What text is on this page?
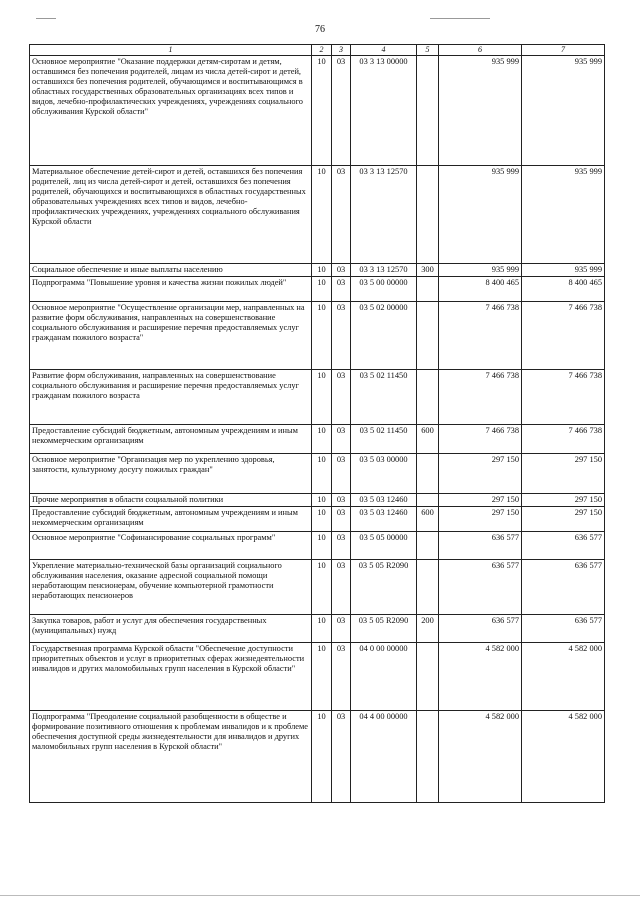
76
1	2	3	4	5	6	7
Основное мероприятие "Оказание поддержки детям-сиротам и детям, оставшимся без попечения родителей, лицам из числа детей-сирот и детей, оставшихся без попечения родителей, обучающимся и воспитывающимся в областных государственных образовательных организациях всех типов и видов, лечебно-профилактических учреждениях, учреждениях социального обслуживания Курской области"	10	03	03 3 13 00000		935 999	935 999
Материальное обеспечение детей-сирот и детей, оставшихся без попечения родителей, лиц из числа детей-сирот и детей, оставшихся без попечения родителей, обучающихся и воспитывающихся в областных государственных образовательных учреждениях всех типов и видов, лечебно-профилактических учреждениях, учреждениях социального обслуживания Курской области	10	03	03 3 13 12570		935 999	935 999
Социальное обеспечение и иные выплаты населению	10	03	03 3 13 12570	300	935 999	935 999
Подпрограмма "Повышение уровня и качества жизни пожилых людей"	10	03	03 5 00 00000		8 400 465	8 400 465
Основное мероприятие "Осуществление организации мер, направленных на развитие форм обслуживания, направленных на совершенствование социального обслуживания и расширение перечня предоставляемых услуг гражданам пожилого возраста"	10	03	03 5 02 00000		7 466 738	7 466 738
Развитие форм обслуживания, направленных на совершенствование социального обслуживания и расширение перечня предоставляемых услуг гражданам пожилого возраста	10	03	03 5 02 11450		7 466 738	7 466 738
Предоставление субсидий бюджетным, автономным учреждениям и иным некоммерческим организациям	10	03	03 5 02 11450	600	7 466 738	7 466 738
Основное мероприятие "Организация мер по укреплению здоровья, занятости, культурному досугу пожилых граждан"	10	03	03 5 03 00000		297 150	297 150
Прочие мероприятия в области социальной политики	10	03	03 5 03 12460		297 150	297 150
Предоставление субсидий бюджетным, автономным учреждениям и иным некоммерческим организациям	10	03	03 5 03 12460	600	297 150	297 150
Основное мероприятие "Софинансирование социальных программ"	10	03	03 5 05 00000		636 577	636 577
Укрепление материально-технической базы организаций социального обслуживания населения, оказание адресной социальной помощи неработающим пенсионерам, обучение компьютерной грамотности неработающих пенсионеров	10	03	03 5 05 R2090		636 577	636 577
Закупка товаров, работ и услуг для обеспечения государственных (муниципальных) нужд	10	03	03 5 05 R2090	200	636 577	636 577
Государственная программа Курской области "Обеспечение доступности приоритетных объектов и услуг в приоритетных сферах жизнедеятельности инвалидов и других маломобильных групп населения в Курской области"	10	03	04 0 00 00000		4 582 000	4 582 000
Подпрограмма "Преодоление социальной разобщенности в обществе и формирование позитивного отношения к проблемам инвалидов и к проблеме обеспечения доступной среды жизнедеятельности для инвалидов и других маломобильных групп населения в Курской области"	10	03	04 4 00 00000		4 582 000	4 582 000
